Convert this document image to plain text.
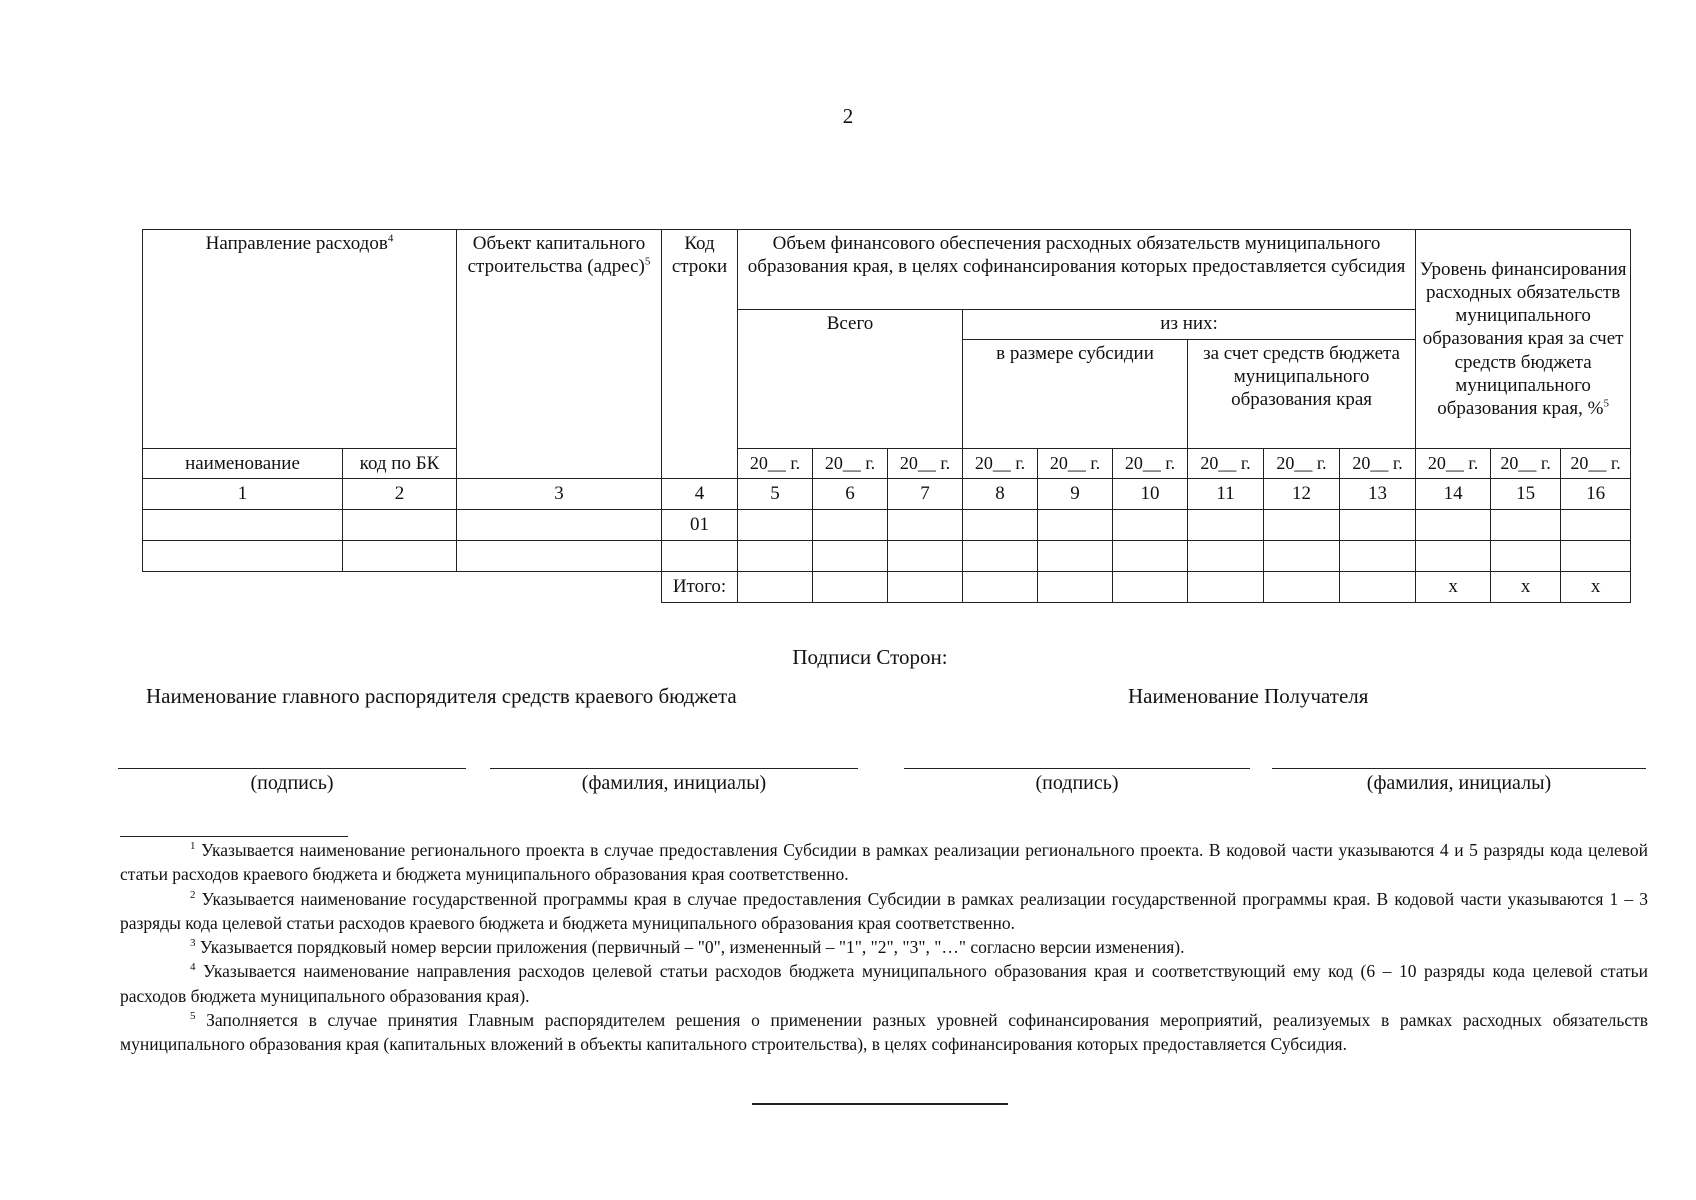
2
Направление расходов$^4$		Объект капитального строительства (адрес)$^5$	Код строки	Объем финансового обеспечения расходных обязательств муниципального образования края, в целях софинансирования которых предоставляется субсидия									Уровень финансирования расходных обязательств муниципального образования края за счет средств бюджета муниципального образования края, %$^5$
				Всего			из них:								
							в размере субсидии			за счет средств бюджета муниципального образования края					
наименование	код по БК			20__ г.	20__ г.	20__ г.	20__ г.	20__ г.	20__ г.	20__ г.	20__ г.	20__ г.	20__ г.	20__ г.	20__ г.
1	2	3	4	5	6	7	8	9	10	11	12	13	14	15	16
			01												

			Итого:										x	x	x
Подписи Сторон:
Наименование главного распорядителя средств краевого бюджета	Наименование Получателя
(подпись)	(фамилия, инициалы)	(подпись)	(фамилия, инициалы)

$^1$ Указывается наименование регионального проекта в случае предоставления Субсидии в рамках реализации регионального проекта. В кодовой части указываются 4 и 5 разряды кода целевой статьи расходов краевого бюджета и бюджета муниципального образования края соответственно.

$^2$ Указывается наименование государственной программы края в случае предоставления Субсидии в рамках реализации государственной программы края. В кодовой части указываются 1 – 3 разряды кода целевой статьи расходов краевого бюджета и бюджета муниципального образования края соответственно.

$^3$ Указывается порядковый номер версии приложения (первичный – "0", измененный – "1", "2", "3", "…" согласно версии изменения).

$^4$ Указывается наименование направления расходов целевой статьи расходов бюджета муниципального образования края и соответствующий ему код (6 – 10 разряды кода целевой статьи расходов бюджета муниципального образования края).

$^5$ Заполняется в случае принятия Главным распорядителем решения о применении разных уровней софинансирования мероприятий, реализуемых в рамках расходных обязательств муниципального образования края (капитальных вложений в объекты капитального строительства), в целях софинансирования которых предоставляется Субсидия.
